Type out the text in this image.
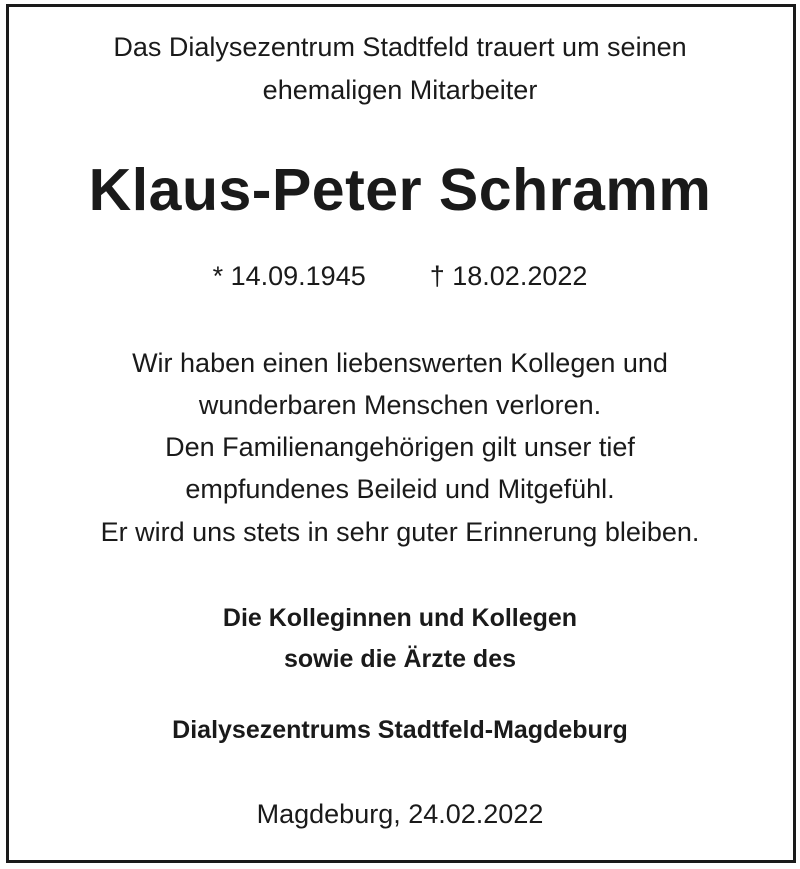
Das Dialysezentrum Stadtfeld trauert um seinen

ehemaligen Mitarbeiter

Klaus-Peter Schramm
* 14.09.1945 † 18.02.2022

Wir haben einen liebenswerten Kollegen und

wunderbaren Menschen verloren.

Den Familienangehörigen gilt unser tief

empfundenes Beileid und Mitgefühl.

Er wird uns stets in sehr guter Erinnerung bleiben.

Die Kolleginnen und Kollegen

sowie die Ärzte des

Dialysezentrums Stadtfeld-Magdeburg

Magdeburg, 24.02.2022
